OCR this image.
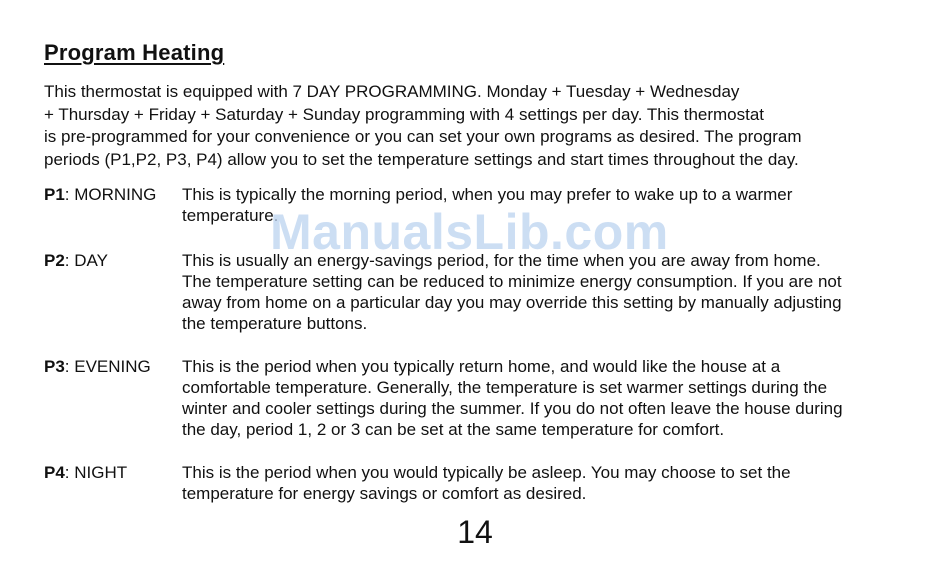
Program Heating
This thermostat is equipped with 7 DAY PROGRAMMING. Monday + Tuesday + Wednesday
+ Thursday + Friday + Saturday + Sunday programming with 4 settings per day. This thermostat
is pre-programmed for your convenience or you can set your own programs as desired. The program
periods (P1,P2, P3, P4) allow you to set the temperature settings and start times throughout the day.
P1: MORNING This is typically the morning period, when you may prefer to wake up to a warmer
temperature.
P2: DAY	This is usually an energy-savings period, for the time when you are away from home.
The temperature setting can be reduced to minimize energy consumption. If you are not
away from home on a particular day you may override this setting by manually adjusting
the temperature buttons.
P3: EVENING This is the period when you typically return home, and would like the house at a
comfortable temperature. Generally, the temperature is set warmer settings during the
winter and cooler settings during the summer. If you do not often leave the house during
the day, period 1, 2 or 3 can be set at the same temperature for comfort.
P4: NIGHT	This is the period when you would typically be asleep. You may choose to set the
temperature for energy savings or comfort as desired.
ManualsLib.com
14
